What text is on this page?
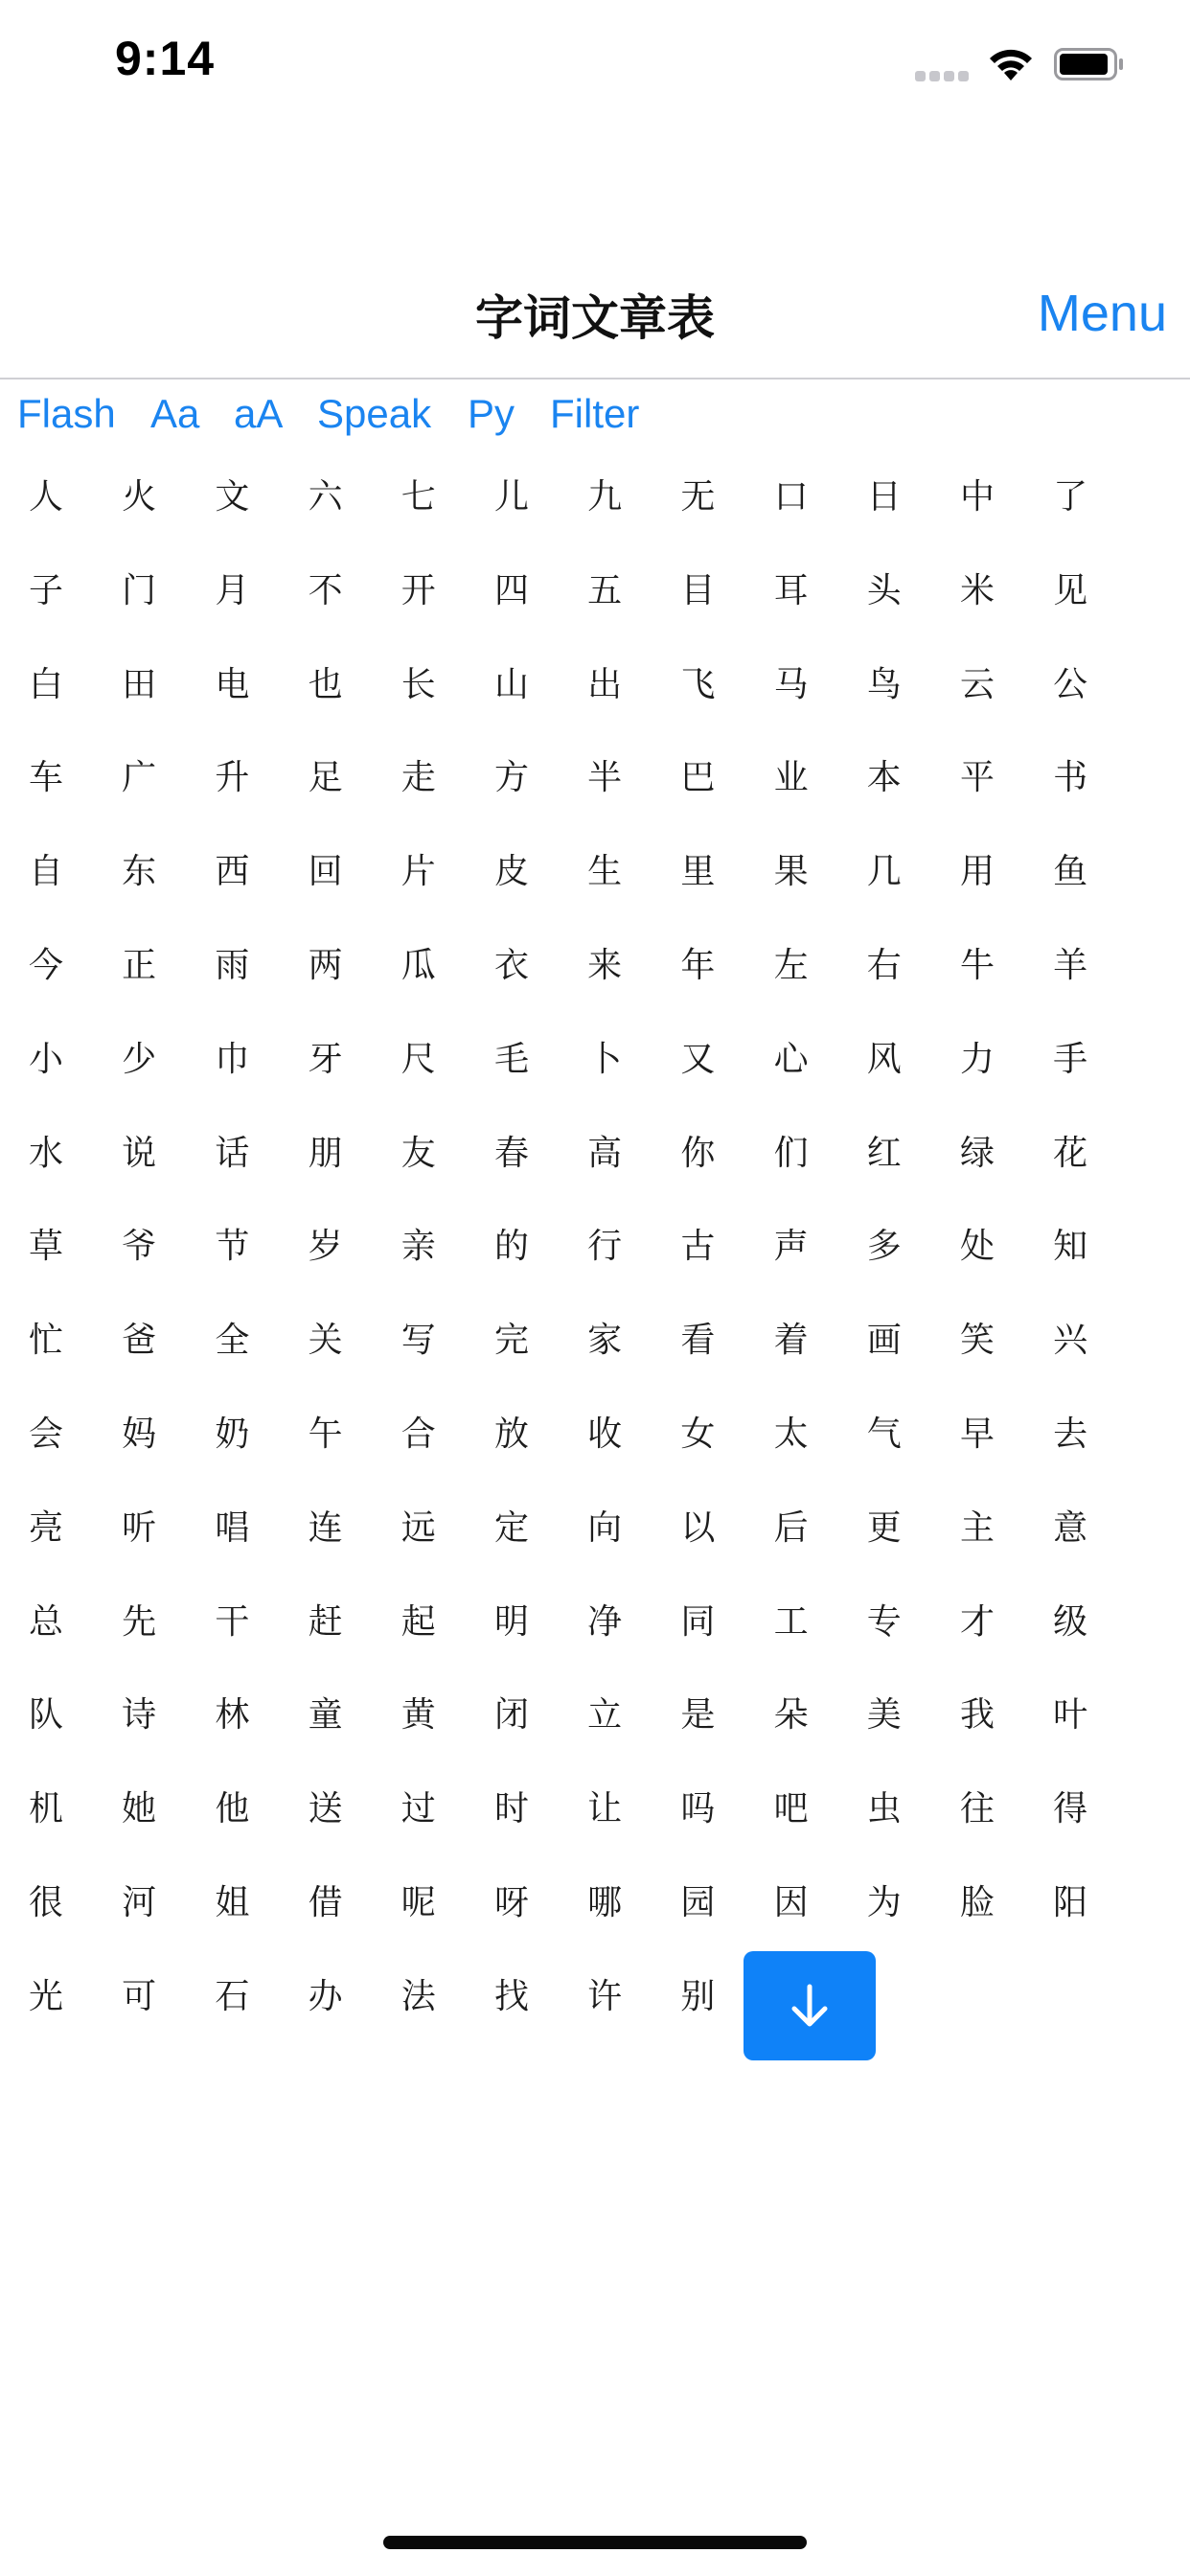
9:14
字词文章表	Menu
Flash Aa aA Speak Py Filter
人	火	文	六	七	儿	九	无	口	日	中	了
子	门	月	不	开	四	五	目	耳	头	米	见
白	田	电	也	长	山	出	飞	马	鸟	云	公
车	广	升	足	走	方	半	巴	业	本	平	书
自	东	西	回	片	皮	生	里	果	几	用	鱼
今	正	雨	两	瓜	衣	来	年	左	右	牛	羊
小	少	巾	牙	尺	毛	卜	又	心	风	力	手
水	说	话	朋	友	春	高	你	们	红	绿	花
草	爷	节	岁	亲	的	行	古	声	多	处	知
忙	爸	全	关	写	完	家	看	着	画	笑	兴
会	妈	奶	午	合	放	收	女	太	气	早	去
亮	听	唱	连	远	定	向	以	后	更	主	意
总	先	干	赶	起	明	净	同	工	专	才	级
队	诗	林	童	黄	闭	立	是	朵	美	我	叶
机	她	他	送	过	时	让	吗	吧	虫	往	得
很	河	姐	借	呢	呀	哪	园	因	为	脸	阳
光	可	石	办	法	找	许	别
